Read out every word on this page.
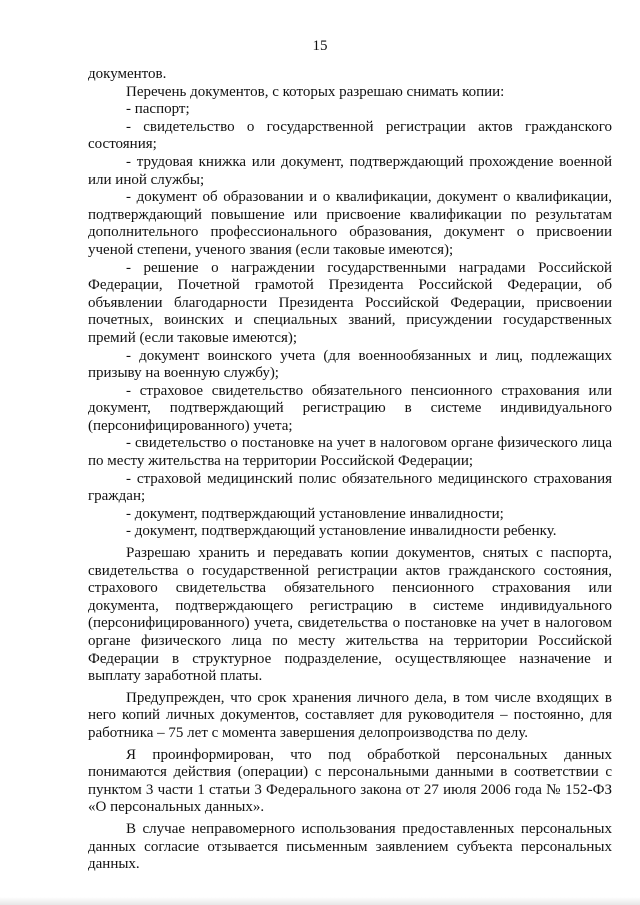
15

документов.

Перечень документов, с которых разрешаю снимать копии:

- паспорт;

- свидетельство о государственной регистрации актов гражданского состояния;

- трудовая книжка или документ, подтверждающий прохождение военной или иной службы;

- документ об образовании и о квалификации, документ о квалификации, подтверждающий повышение или присвоение квалификации по результатам дополнительного профессионального образования, документ о присвоении ученой степени, ученого звания (если таковые имеются);

- решение о награждении государственными наградами Российской Федерации, Почетной грамотой Президента Российской Федерации, об объявлении благодарности Президента Российской Федерации, присвоении почетных, воинских и специальных званий, присуждении государственных премий (если таковые имеются);

- документ воинского учета (для военнообязанных и лиц, подлежащих призыву на военную службу);

- страховое свидетельство обязательного пенсионного страхования или документ, подтверждающий регистрацию в системе индивидуального (персонифицированного) учета;

- свидетельство о постановке на учет в налоговом органе физического лица по месту жительства на территории Российской Федерации;

- страховой медицинский полис обязательного медицинского страхования граждан;

- документ, подтверждающий установление инвалидности;

- документ, подтверждающий установление инвалидности ребенку.

Разрешаю хранить и передавать копии документов, снятых с паспорта, свидетельства о государственной регистрации актов гражданского состояния, страхового свидетельства обязательного пенсионного страхования или документа, подтверждающего регистрацию в системе индивидуального (персонифицированного) учета, свидетельства о постановке на учет в налоговом органе физического лица по месту жительства на территории Российской Федерации в структурное подразделение, осуществляющее назначение и выплату заработной платы.

Предупрежден, что срок хранения личного дела, в том числе входящих в него копий личных документов, составляет для руководителя – постоянно, для работника – 75 лет с момента завершения делопроизводства по делу.

Я проинформирован, что под обработкой персональных данных понимаются действия (операции) с персональными данными в соответствии с пунктом 3 части 1 статьи 3 Федерального закона от 27 июля 2006 года № 152-ФЗ «О персональных данных».

В случае неправомерного использования предоставленных персональных данных согласие отзывается письменным заявлением субъекта персональных данных.
